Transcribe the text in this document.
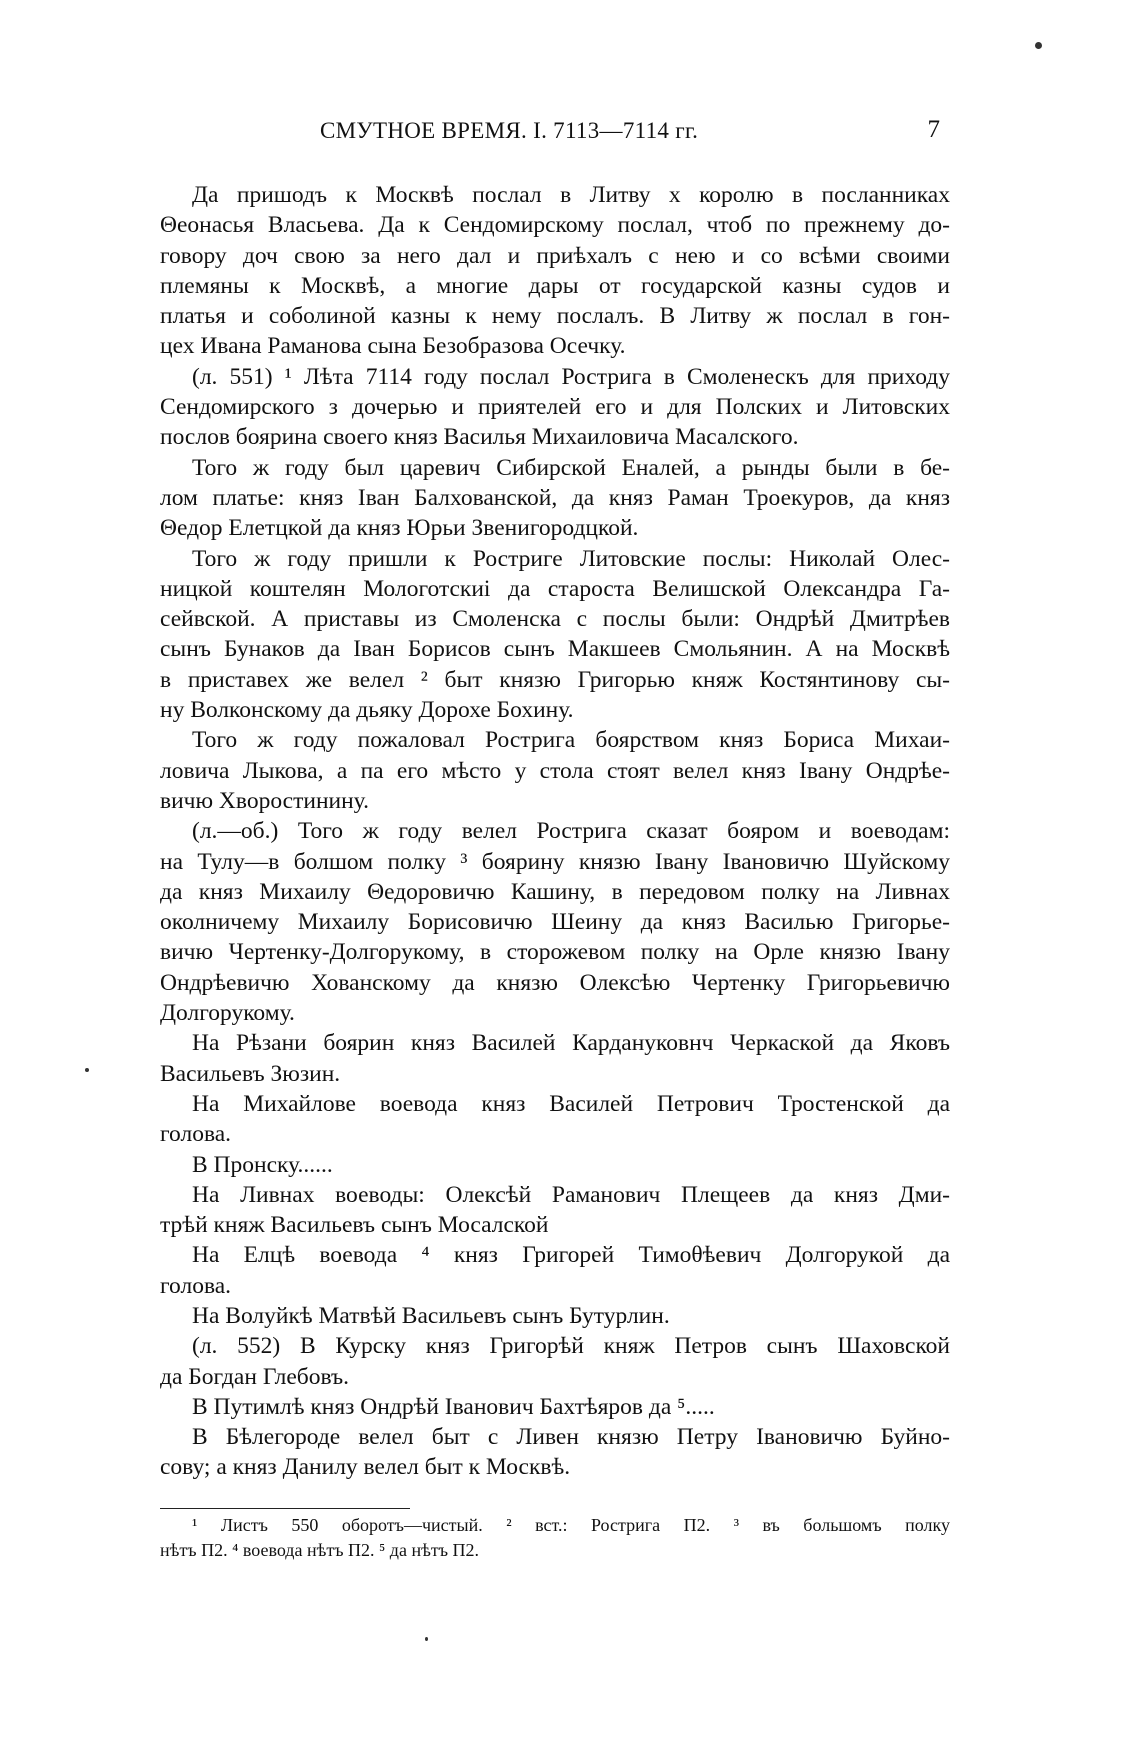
СМУТНОЕ ВРЕМЯ. I. 7113—7114 гг.	7
Да пришодъ к Москвѣ послал в Литву х королю в посланниках
Θеонасья Власьева. Да к Сендомирскому послал, чтоб по прежнему до-
говору доч свою за него дал и приѣхалъ с нею и со всѣми своими
племяны к Москвѣ, а многие дары от государской казны судов и
платья и соболиной казны к нему послалъ. В Литву ж послал в гон-
цех Ивана Раманова сына Безобразова Осечку.
(л. 551) ¹ Лѣта 7114 году послал Ростригa в Смоленескъ для приходу
Сендомирского з дочерью и приятелей его и для Полских и Литовских
послов боярина своего княз Василья Михаиловича Масалского.
Того ж году был царевич Сибирской Еналей, а рынды были в бе-
лом платье: княз Іван Балхованской, да княз Раман Троекуров, да княз
Θедор Елетцкой да княз Юрьи Звенигородцкой.
Того ж году пришли к Ростриге Литовские послы: Николай Олес-
ницкой коштелян Мологотскиі да староста Велишской Олександра Га-
сейвской. А приставы из Смоленска с послы были: Ондрѣй Дмитрѣев
сынъ Бунаков да Іван Борисов сынъ Макшеев Смольянин. А на Москвѣ
в приставех же велел ² быт князю Григорью княж Костянтинову сы-
ну Волконскому да дьяку Дорохе Бохину.
Того ж году пожаловал Ростригa боярством княз Бориса Михаи-
ловича Лыкова, а па его мѣсто у стола стоят велел княз Івану Ондрѣе-
вичю Хворостинину.
(л.—об.) Того ж году велел Ростригa сказат бояром и воеводам:
на Тулу—в болшом полку ³ боярину князю Івану Івановичю Шуйскому
да княз Михаилу Θедоровичю Кашину, в передовом полку на Ливнах
околничему Михаилу Борисовичю Шеину да княз Василью Григорье-
вичю Чертенку-Долгорукому, в сторожевом полку на Орле князю Івану
Ондрѣевичю Хованскому да князю Олексѣю Чертенку Григорьевичю
Долгорукому.
На Рѣзани боярин княз Василей Кардануковнч Черкаской да Яковъ
Васильевъ Зюзин.
На Михайлове воевода княз Василей Петрович Тростенской да
голова.
В Пронску......
На Ливнах воеводы: Олексѣй Раманович Плещеев да княз Дми-
трѣй княж Васильевъ сынъ Мосалской
На Елцѣ воевода ⁴ княз Григорей Тимоθѣевич Долгорукой да
голова.
На Волуйкѣ Матвѣй Васильевъ сынъ Бутурлин.
(л. 552) В Курску княз Григорѣй княж Петров сынъ Шаховской
да Богдан Глебовъ.
В Путимлѣ княз Ондрѣй Іванович Бахтѣяров да ⁵.....
В Бѣлегороде велел быт с Ливен князю Петру Івановичю Буйно-
сову; а княз Данилу велел быт к Москвѣ.
¹ Листъ 550 оборотъ—чистый. ² вст.: Ростригa П2. ³ въ большомъ полку
нѣтъ П2. ⁴ воевода нѣтъ П2. ⁵ да нѣтъ П2.
